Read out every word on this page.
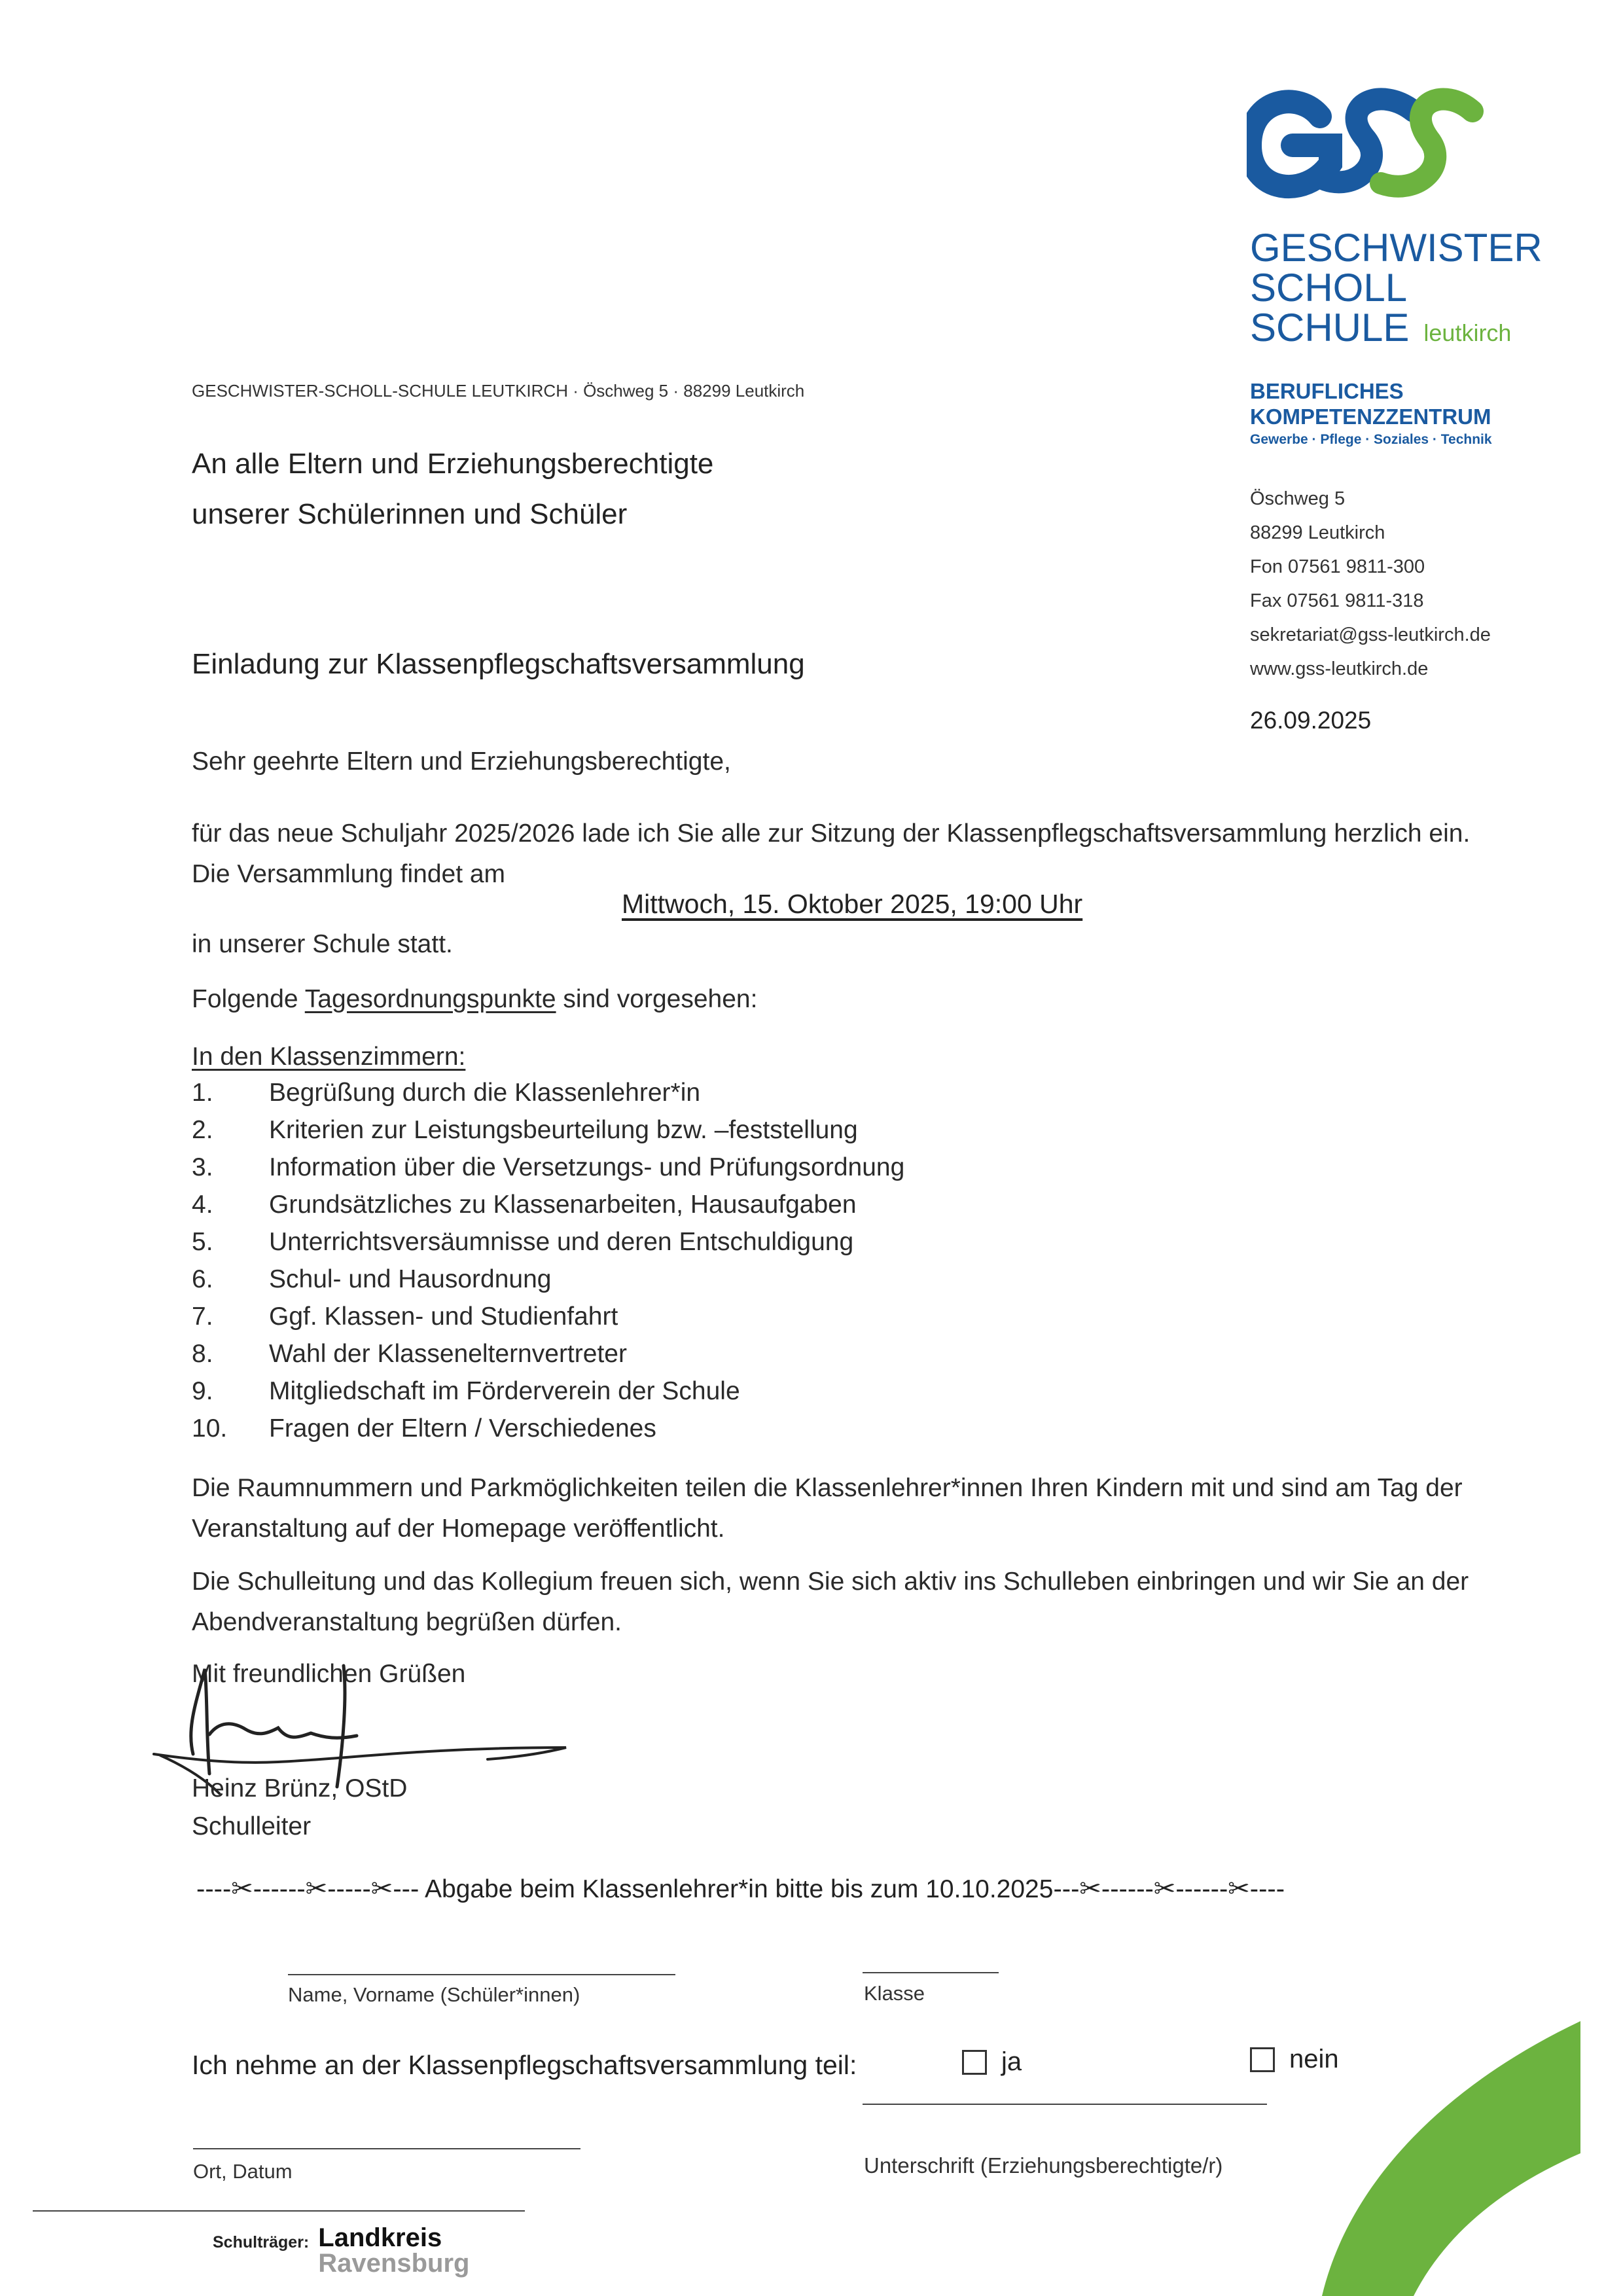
GESCHWISTER
SCHOLL
SCHULE leutkirch
BERUFLICHES
KOMPETENZZENTRUM
Gewerbe · Pflege · Soziales · Technik
Öschweg 5
88299 Leutkirch
Fon 07561 9811-300
Fax 07561 9811-318
sekretariat@gss-leutkirch.de
www.gss-leutkirch.de
26.09.2025
GESCHWISTER-SCHOLL-SCHULE LEUTKIRCH · Öschweg 5 · 88299 Leutkirch
An alle Eltern und Erziehungsberechtigte
unserer Schülerinnen und Schüler
Einladung zur Klassenpflegschaftsversammlung
Sehr geehrte Eltern und Erziehungsberechtigte,
für das neue Schuljahr 2025/2026 lade ich Sie alle zur Sitzung der Klassenpflegschaftsversammlung herzlich ein.
Die Versammlung findet am
Mittwoch, 15. Oktober 2025, 19:00 Uhr
in unserer Schule statt.
Folgende Tagesordnungspunkte sind vorgesehen:
In den Klassenzimmern:
1.	Begrüßung durch die Klassenlehrer*in
2.	Kriterien zur Leistungsbeurteilung bzw. –feststellung
3.	Information über die Versetzungs- und Prüfungsordnung
4.	Grundsätzliches zu Klassenarbeiten, Hausaufgaben
5.	Unterrichtsversäumnisse und deren Entschuldigung
6.	Schul- und Hausordnung
7.	Ggf. Klassen- und Studienfahrt
8.	Wahl der Klassenelternvertreter
9.	Mitgliedschaft im Förderverein der Schule
10.	Fragen der Eltern / Verschiedenes
Die Raumnummern und Parkmöglichkeiten teilen die Klassenlehrer*innen Ihren Kindern mit und sind am Tag der
Veranstaltung auf der Homepage veröffentlicht.
Die Schulleitung und das Kollegium freuen sich, wenn Sie sich aktiv ins Schulleben einbringen und wir Sie an der
Abendveranstaltung begrüßen dürfen.
Mit freundlichen Grüßen
Heinz Brünz, OStD
Schulleiter
----✂------✂-----✂--- Abgabe beim Klassenlehrer*in bitte bis zum 10.10.2025---✂------✂------✂----
Name, Vorname (Schüler*innen)	Klasse
Ich nehme an der Klassenpflegschaftsversammlung teil:	ja	nein
Ort, Datum	Unterschrift (Erziehungsberechtigte/r)
Schulträger: Landkreis
Ravensburg
